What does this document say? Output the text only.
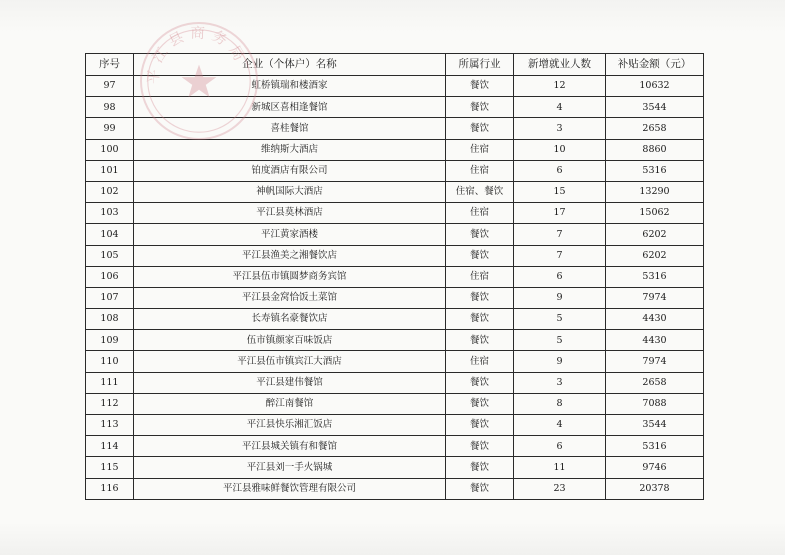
平江县商务局
序号	企业（个体户）名称	所属行业	新增就业人数	补贴金额（元）
97	虹桥镇瑞和楼酒家	餐饮	12	10632
98	新城区喜相逢餐馆	餐饮	4	3544
99	喜桂餐馆	餐饮	3	2658
100	维纳斯大酒店	住宿	10	8860
101	铂度酒店有限公司	住宿	6	5316
102	神帆国际大酒店	住宿、餐饮	15	13290
103	平江县莫林酒店	住宿	17	15062
104	平江黄家酒楼	餐饮	7	6202
105	平江县渔美之湘餐饮店	餐饮	7	6202
106	平江县伍市镇圆梦商务宾馆	住宿	6	5316
107	平江县金窝恰饭土菜馆	餐饮	9	7974
108	长寿镇名豪餐饮店	餐饮	5	4430
109	伍市镇颜家百味饭店	餐饮	5	4430
110	平江县伍市镇宾江大酒店	住宿	9	7974
111	平江县建伟餐馆	餐饮	3	2658
112	醉江南餐馆	餐饮	8	7088
113	平江县快乐湘汇饭店	餐饮	4	3544
114	平江县城关镇有和餐馆	餐饮	6	5316
115	平江县刘一手火锅城	餐饮	11	9746
116	平江县雅味鲜餐饮管理有限公司	餐饮	23	20378
